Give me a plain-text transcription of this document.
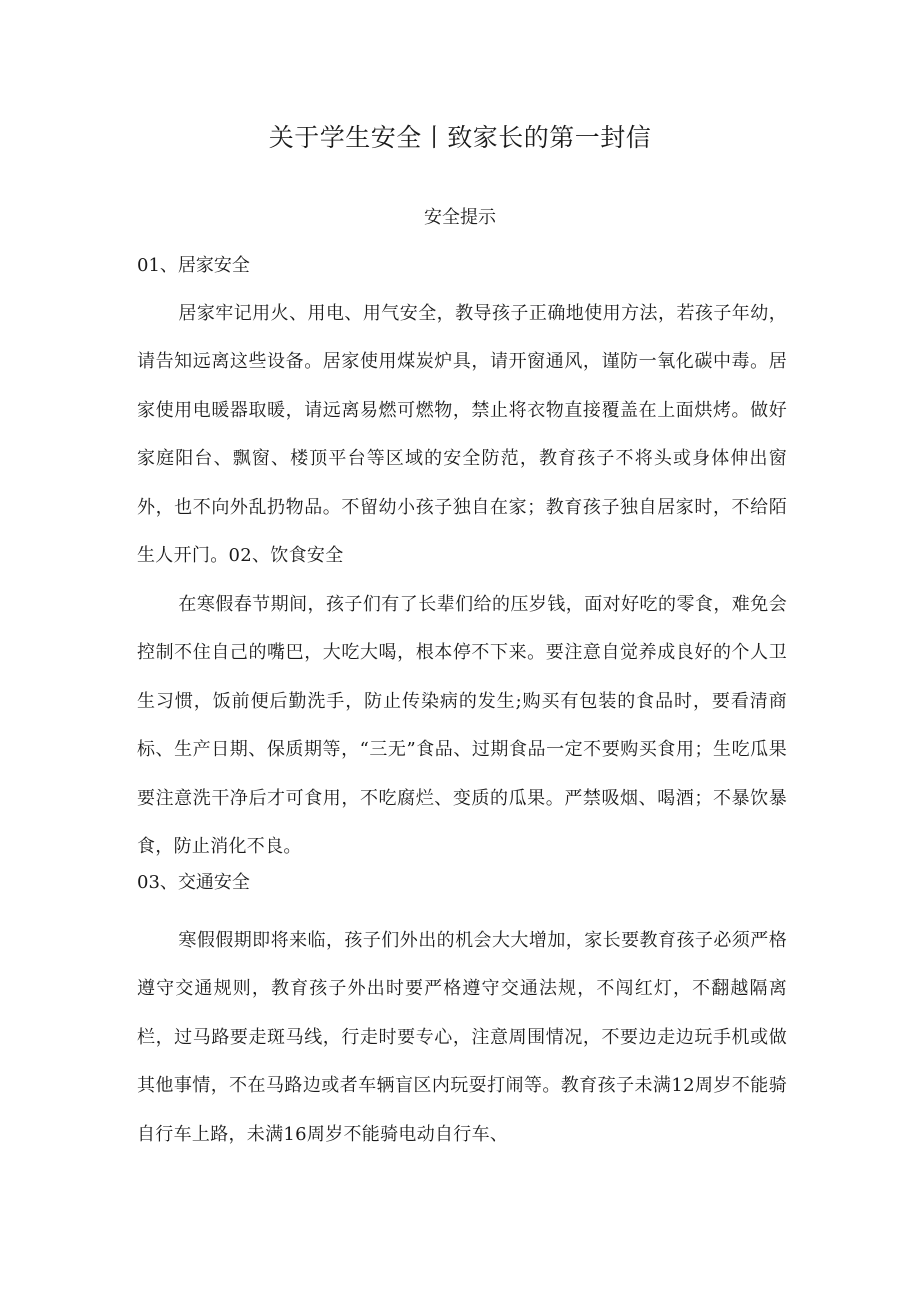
关于学生安全丨致家长的第一封信
安全提示
01、居家安全
居家牢记用火、用电、用气安全，教导孩子正确地使用方法，若孩子年幼，请告知远离这些设备。居家使用煤炭炉具，请开窗通风，谨防一氧化碳中毒。居家使用电暖器取暖，请远离易燃可燃物，禁止将衣物直接覆盖在上面烘烤。做好家庭阳台、飘窗、楼顶平台等区域的安全防范，教育孩子不将头或身体伸出窗外，也不向外乱扔物品。不留幼小孩子独自在家；教育孩子独自居家时，不给陌生人开门。02、饮食安全
在寒假春节期间，孩子们有了长辈们给的压岁钱，面对好吃的零食，难免会控制不住自己的嘴巴，大吃大喝，根本停不下来。要注意自觉养成良好的个人卫生习惯，饭前便后勤洗手，防止传染病的发生;购买有包装的食品时，要看清商标、生产日期、保质期等，“三无”食品、过期食品一定不要购买食用；生吃瓜果要注意洗干净后才可食用，不吃腐烂、变质的瓜果。严禁吸烟、喝酒；不暴饮暴食，防止消化不良。
03、交通安全
寒假假期即将来临，孩子们外出的机会大大增加，家长要教育孩子必须严格遵守交通规则，教育孩子外出时要严格遵守交通法规，不闯红灯，不翻越隔离栏，过马路要走斑马线，行走时要专心，注意周围情况，不要边走边玩手机或做其他事情，不在马路边或者车辆盲区内玩耍打闹等。教育孩子未满12周岁不能骑自行车上路，未满16周岁不能骑电动自行车、
